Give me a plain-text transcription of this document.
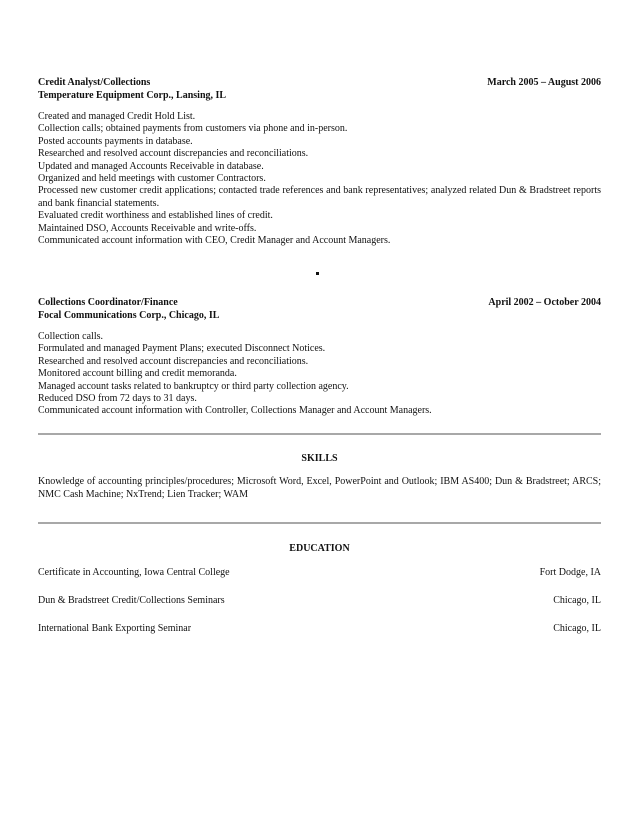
Credit Analyst/Collections	March 2005 – August 2006
Temperature Equipment Corp., Lansing, IL
Created and managed Credit Hold List.
Collection calls; obtained payments from customers via phone and in-person.
Posted accounts payments in database.
Researched and resolved account discrepancies and reconciliations.
Updated and managed Accounts Receivable in database.
Organized and held meetings with customer Contractors.
Processed new customer credit applications; contacted trade references and bank representatives; analyzed related Dun & Bradstreet reports and bank financial statements.
Evaluated credit worthiness and established lines of credit.
Maintained DSO, Accounts Receivable and write-offs.
Communicated account information with CEO, Credit Manager and Account Managers.
Collections Coordinator/Finance	April 2002 – October 2004
Focal Communications Corp., Chicago, IL
Collection calls.
Formulated and managed Payment Plans; executed Disconnect Notices.
Researched and resolved account discrepancies and reconciliations.
Monitored account billing and credit memoranda.
Managed account tasks related to bankruptcy or third party collection agency.
Reduced DSO from 72 days to 31 days.
Communicated account information with Controller, Collections Manager and Account Managers.
SKILLS
Knowledge of accounting principles/procedures; Microsoft Word, Excel, PowerPoint and Outlook; IBM AS400; Dun & Bradstreet; ARCS; NMC Cash Machine; NxTrend; Lien Tracker; WAM
EDUCATION
Certificate in Accounting, Iowa Central College	Fort Dodge, IA
Dun & Bradstreet Credit/Collections Seminars	Chicago, IL
International Bank Exporting Seminar	Chicago, IL
